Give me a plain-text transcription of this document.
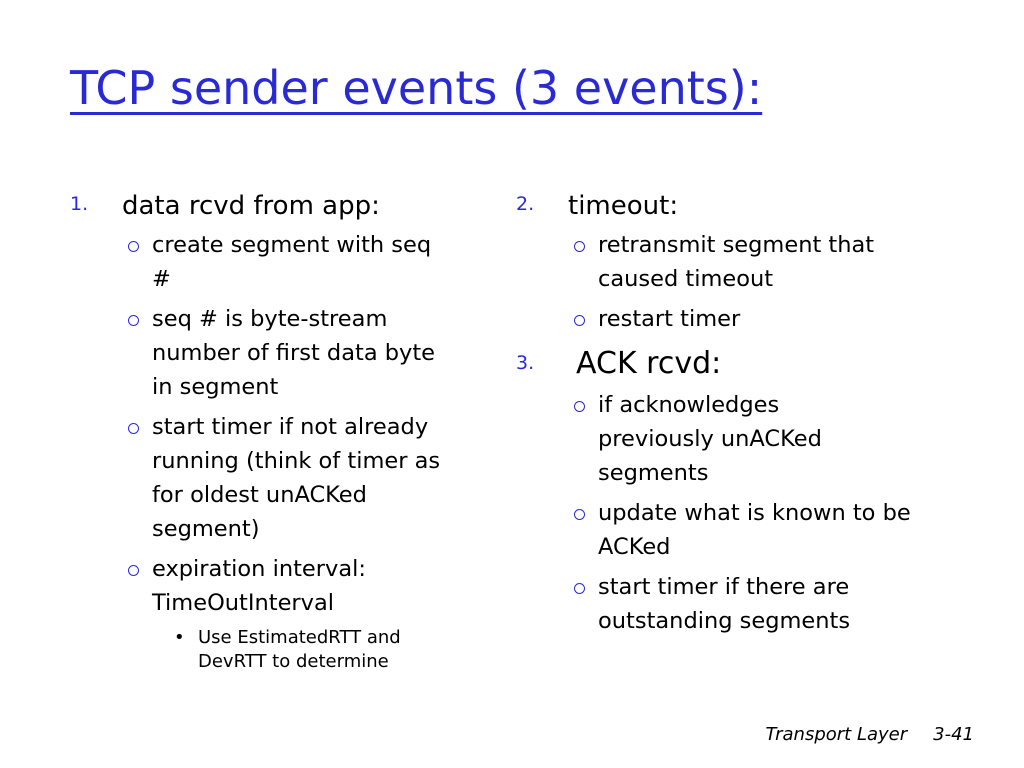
TCP sender events (3 events):
1. data rcvd from app:
create segment with seq #
seq # is byte-stream number of first data byte in segment
start timer if not already running (think of timer as for oldest unACKed segment)
expiration interval: TimeOutInterval
• Use EstimatedRTT and DevRTT to determine
2. timeout:
retransmit segment that caused timeout
restart timer
3. ACK rcvd:
if acknowledges previously unACKed segments
update what is known to be ACKed
start timer if there are outstanding segments
Transport Layer 3-41
